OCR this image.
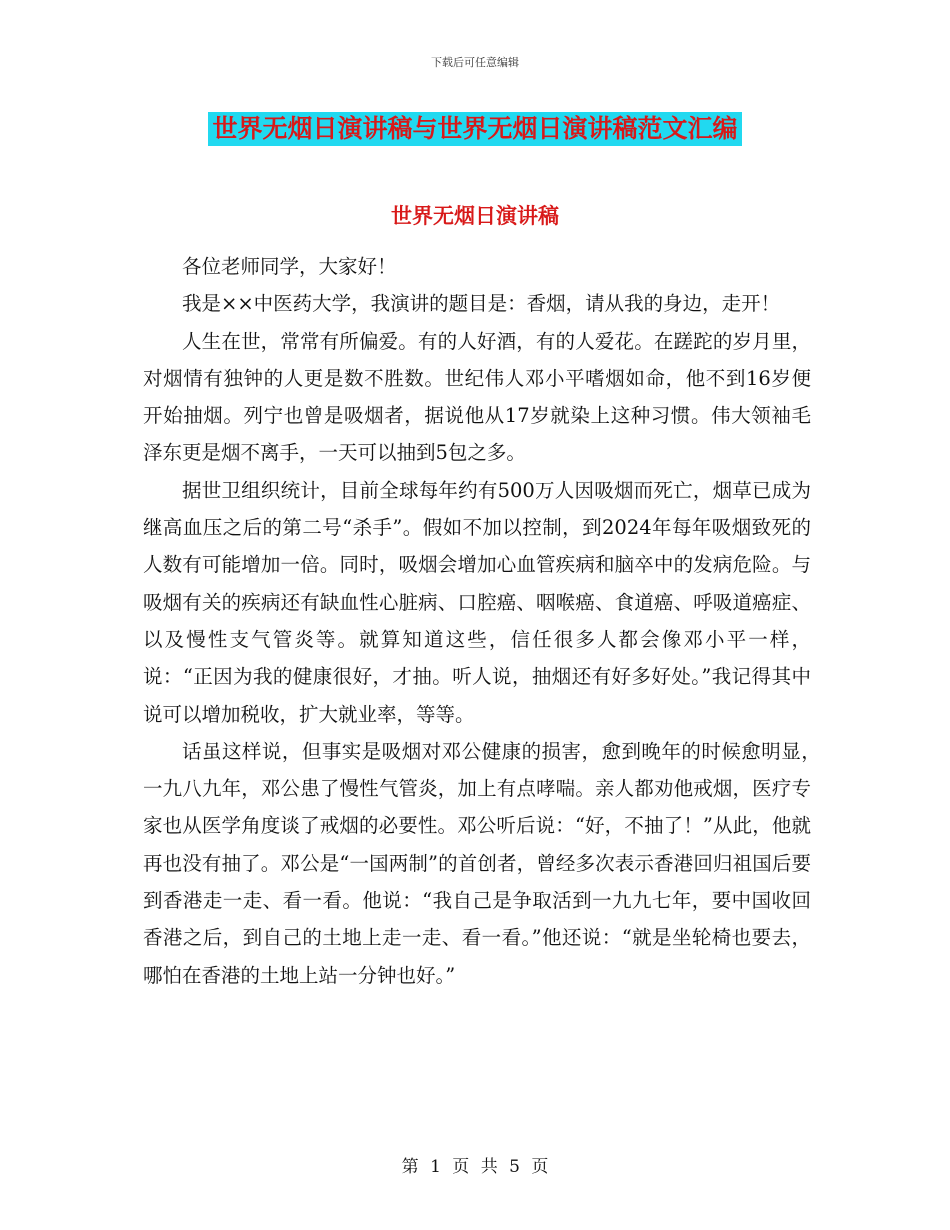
下载后可任意编辑
世界无烟日演讲稿与世界无烟日演讲稿范文汇编
世界无烟日演讲稿

各位老师同学，大家好！

我是××中医药大学，我演讲的题目是：香烟，请从我的身边，走开！

人生在世，常常有所偏爱。有的人好酒，有的人爱花。在蹉跎的岁月里，对烟情有独钟的人更是数不胜数。世纪伟人邓小平嗜烟如命，他不到16岁便开始抽烟。列宁也曾是吸烟者，据说他从17岁就染上这种习惯。伟大领袖毛泽东更是烟不离手，一天可以抽到5包之多。

据世卫组织统计，目前全球每年约有500万人因吸烟而死亡，烟草已成为继高血压之后的第二号“杀手”。假如不加以控制，到2024年每年吸烟致死的人数有可能增加一倍。同时，吸烟会增加心血管疾病和脑卒中的发病危险。与吸烟有关的疾病还有缺血性心脏病、口腔癌、咽喉癌、食道癌、呼吸道癌症、以及慢性支气管炎等。就算知道这些，信任很多人都会像邓小平一样，说：“正因为我的健康很好，才抽。听人说，抽烟还有好多好处。”我记得其中说可以增加税收，扩大就业率，等等。

话虽这样说，但事实是吸烟对邓公健康的损害，愈到晚年的时候愈明显，　一九八九年，邓公患了慢性气管炎，加上有点哮喘。亲人都劝他戒烟，医疗专家也从医学角度谈了戒烟的必要性。邓公听后说：“好，不抽了！”从此，他就再也没有抽了。邓公是“一国两制”的首创者，曾经多次表示香港回归祖国后要到香港走一走、看一看。他说：“我自己是争取活到一九九七年，要中国收回香港之后，到自己的土地上走一走、看一看。”他还说：“就是坐轮椅也要去，哪怕在香港的土地上站一分钟也好。”

第 1 页 共 5 页
